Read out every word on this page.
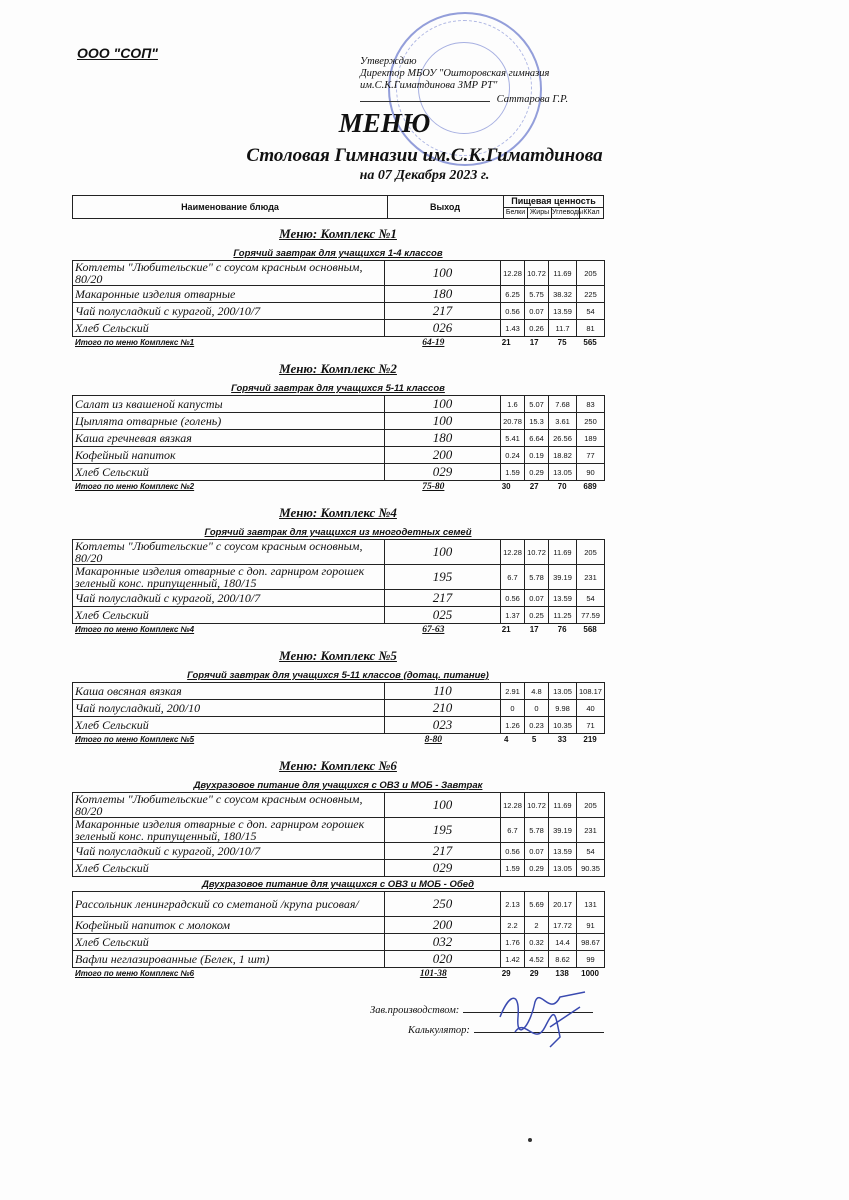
ООО "СОП"
Утверждаю
Директор МБОУ "Ошторовская гимназия
им.С.К.Гиматдинова ЗМР РТ"
Саттарова Г.Р.
МЕНЮ
Столовая Гимназии им.С.К.Гиматдинова
на 07 Декабря 2023 г.
Наименование блюда	Выход
Пищевая ценность
Белки Жиры Углеводы ККал
Меню: Комплекс №1
Горячий завтрак для учащихся 1-4 классов
Котлеты "Любительские" с соусом красным основным, 80/20	100	12.28	10.72	11.69	205
Макаронные изделия отварные	180	6.25	5.75	38.32	225
Чай полусладкий с курагой, 200/10/7	217	0.56	0.07	13.59	54
Хлеб Сельский	026	1.43	0.26	11.7	81
Итого по меню Комплекс №1	64-19	21	17	75	565
Меню: Комплекс №2
Горячий завтрак для учащихся 5-11 классов
Салат из квашеной капусты	100	1.6	5.07	7.68	83
Цыплята отварные (голень)	100	20.78	15.3	3.61	250
Каша гречневая вязкая	180	5.41	6.64	26.56	189
Кофейный напиток	200	0.24	0.19	18.82	77
Хлеб Сельский	029	1.59	0.29	13.05	90
Итого по меню Комплекс №2	75-80	30	27	70	689
Меню: Комплекс №4
Горячий завтрак для учащихся из многодетных семей
Котлеты "Любительские" с соусом красным основным, 80/20	100	12.28	10.72	11.69	205
Макаронные изделия отварные с доп. гарниром горошек зеленый конс. припущенный, 180/15	195	6.7	5.78	39.19	231
Чай полусладкий с курагой, 200/10/7	217	0.56	0.07	13.59	54
Хлеб Сельский	025	1.37	0.25	11.25	77.59
Итого по меню Комплекс №4	67-63	21	17	76	568
Меню: Комплекс №5
Горячий завтрак для учащихся 5-11 классов (дотац. питание)
Каша овсяная вязкая	110	2.91	4.8	13.05	108.17
Чай полусладкий, 200/10	210	0	0	9.98	40
Хлеб Сельский	023	1.26	0.23	10.35	71
Итого по меню Комплекс №5	8-80	4	5	33	219
Меню: Комплекс №6
Двухразовое питание для учащихся с ОВЗ и МОБ - Завтрак
Котлеты "Любительские" с соусом красным основным, 80/20	100	12.28	10.72	11.69	205
Макаронные изделия отварные с доп. гарниром горошек зеленый конс. припущенный, 180/15	195	6.7	5.78	39.19	231
Чай полусладкий с курагой, 200/10/7	217	0.56	0.07	13.59	54
Хлеб Сельский	029	1.59	0.29	13.05	90.35
Двухразовое питание для учащихся с ОВЗ и МОБ - Обед
Рассольник ленинградский со сметаной /крупа рисовая/	250	2.13	5.69	20.17	131
Кофейный напиток с молоком	200	2.2	2	17.72	91
Хлеб Сельский	032	1.76	0.32	14.4	98.67
Вафли неглазированные (Белек, 1 шт)	020	1.42	4.52	8.62	99
Итого по меню Комплекс №6	101-38	29	29	138	1000
Зав.производством:
Калькулятор:
